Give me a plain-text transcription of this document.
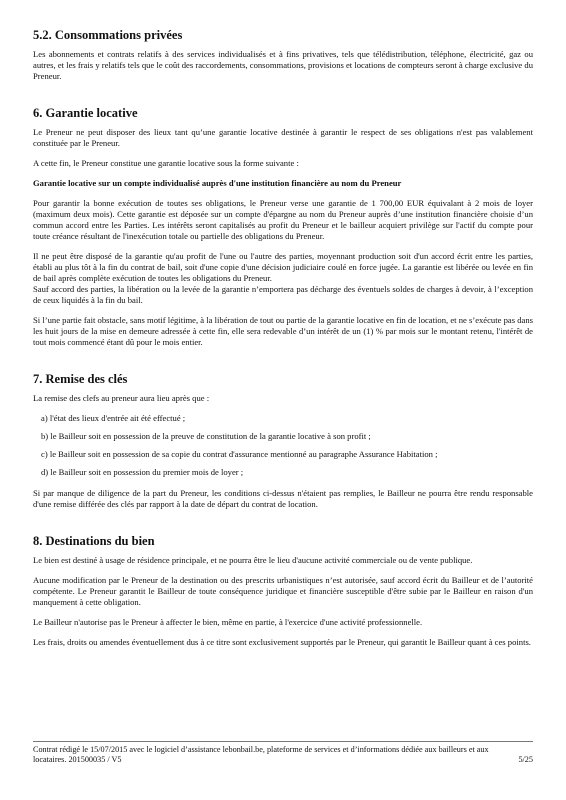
5.2. Consommations privées

Les abonnements et contrats relatifs à des services individualisés et à fins privatives, tels que télédistribution, téléphone, électricité, gaz ou autres, et les frais y relatifs tels que le coût des raccordements, consommations, provisions et locations de compteurs seront à charge exclusive du Preneur.

6. Garantie locative

Le Preneur ne peut disposer des lieux tant qu’une garantie locative destinée à garantir le respect de ses obligations n'est pas valablement constituée par le Preneur.

A cette fin, le Preneur constitue une garantie locative sous la forme suivante :

Garantie locative sur un compte individualisé auprès d'une institution financière au nom du Preneur

Pour garantir la bonne exécution de toutes ses obligations, le Preneur verse une garantie de 1 700,00 EUR équivalant à 2 mois de loyer (maximum deux mois). Cette garantie est déposée sur un compte d'épargne au nom du Preneur auprès d’une institution financière choisie d’un commun accord entre les Parties. Les intérêts seront capitalisés au profit du Preneur et le bailleur acquiert privilège sur l'actif du compte pour toute créance résultant de l'inexécution totale ou partielle des obligations du Preneur.

Il ne peut être disposé de la garantie qu'au profit de l'une ou l'autre des parties, moyennant production soit d'un accord écrit entre les parties, établi au plus tôt à la fin du contrat de bail, soit d'une copie d'une décision judiciaire coulé en force jugée. La garantie est libérée ou levée en fin de bail après complète exécution de toutes les obligations du Preneur.

Sauf accord des parties, la libération ou la levée de la garantie n’emportera pas décharge des éventuels soldes de charges à devoir, à l’exception de ceux liquidés à la fin du bail.

Si l’une partie fait obstacle, sans motif légitime, à la libération de tout ou partie de la garantie locative en fin de location, et ne s’exécute pas dans les huit jours de la mise en demeure adressée à cette fin, elle sera redevable d’un intérêt de un (1) % par mois sur le montant retenu, l'intérêt de tout mois commencé étant dû pour le mois entier.

7. Remise des clés

La remise des clefs au preneur aura lieu après que :

a) l'état des lieux d'entrée ait été effectué ;
b) le Bailleur soit en possession de la preuve de constitution de la garantie locative à son profit ;
c) le Bailleur soit en possession de sa copie du contrat d'assurance mentionné au paragraphe Assurance Habitation ;
d) le Bailleur soit en possession du premier mois de loyer ;

Si par manque de diligence de la part du Preneur, les conditions ci-dessus n'étaient pas remplies, le Bailleur ne pourra être rendu responsable d'une remise différée des clés par rapport à la date de départ du contrat de location.

8. Destinations du bien

Le bien est destiné à usage de résidence principale, et ne pourra être le lieu d'aucune activité commerciale ou de vente publique.

Aucune modification par le Preneur de la destination ou des prescrits urbanistiques n’est autorisée, sauf accord écrit du Bailleur et de l’autorité compétente. Le Preneur garantit le Bailleur de toute conséquence juridique et financière susceptible d'être subie par le Bailleur en raison d'un manquement à cette obligation.

Le Bailleur n'autorise pas le Preneur à affecter le bien, même en partie, à l'exercice d'une activité professionnelle.

Les frais, droits ou amendes éventuellement dus à ce titre sont exclusivement supportés par le Preneur, qui garantit le Bailleur quant à ces points.

Contrat rédigé le 15/07/2015 avec le logiciel d’assistance lebonbail.be, plateforme de services et d’informations dédiée aux bailleurs et aux locataires. 201500035 / V5	5/25
